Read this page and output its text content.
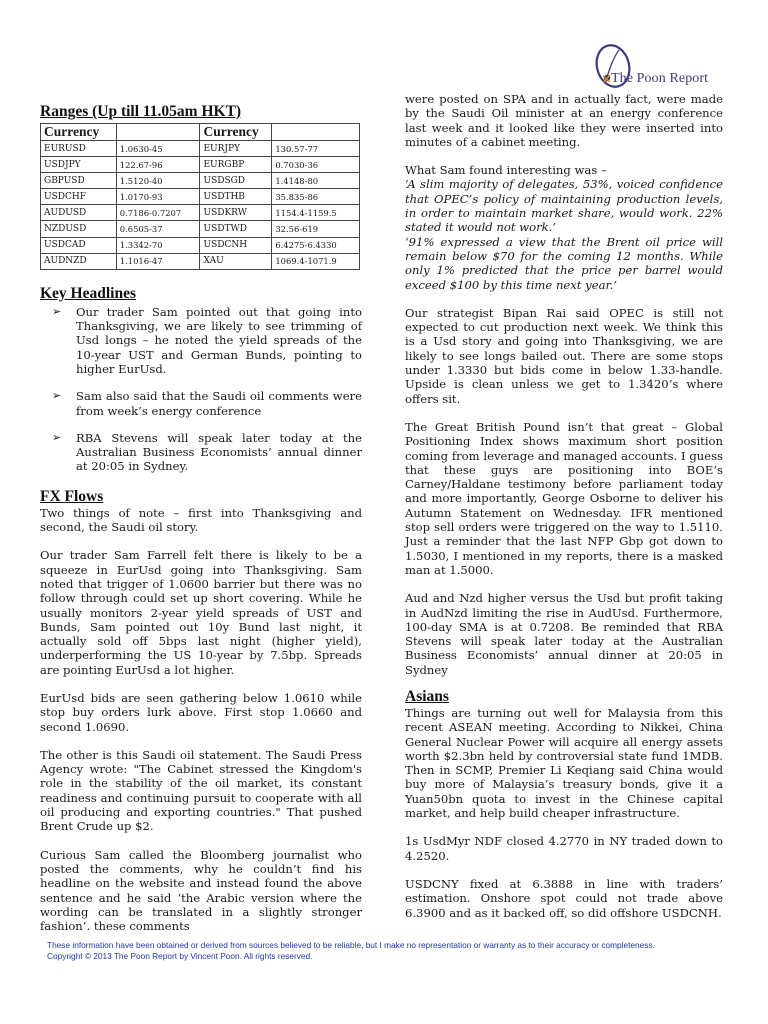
The Poon Report
Ranges (Up till 11.05am HKT)
Currency		Currency	
EURUSD	1.0630-45	EURJPY	130.57-77
USDJPY	122.67-96	EURGBP	0.7030-36
GBPUSD	1.5120-40	USDSGD	1.4148-80
USDCHF	1.0170-93	USDTHB	35.835-86
AUDUSD	0.7186-0.7207	USDKRW	1154.4-1159.5
NZDUSD	0.6505-37	USDTWD	32.56-619
USDCAD	1.3342-70	USDCNH	6.4275-6.4330
AUDNZD	1.1016-47	XAU	1069.4-1071.9
Key Headlines
➢ Our trader Sam pointed out that going into Thanksgiving, we are likely to see trimming of Usd longs – he noted the yield spreads of the 10-year UST and German Bunds, pointing to higher EurUsd.

➢ Sam also said that the Saudi oil comments were from week’s energy conference

➢ RBA Stevens will speak later today at the Australian Business Economists’ annual dinner at 20:05 in Sydney.

FX Flows

Two things of note – first into Thanksgiving and second, the Saudi oil story.

Our trader Sam Farrell felt there is likely to be a squeeze in EurUsd going into Thanksgiving. Sam noted that trigger of 1.0600 barrier but there was no follow through could set up short covering. While he usually monitors 2-year yield spreads of UST and Bunds, Sam pointed out 10y Bund last night, it actually sold off 5bps last night (higher yield), underperforming the US 10-year by 7.5bp. Spreads are pointing EurUsd a lot higher.

EurUsd bids are seen gathering below 1.0610 while stop buy orders lurk above. First stop 1.0660 and second 1.0690.

The other is this Saudi oil statement. The Saudi Press Agency wrote: "The Cabinet stressed the Kingdom's role in the stability of the oil market, its constant readiness and continuing pursuit to cooperate with all oil producing and exporting countries." That pushed Brent Crude up $2.

Curious Sam called the Bloomberg journalist who posted the comments, why he couldn’t find his headline on the website and instead found the above sentence and he said ‘the Arabic version where the wording can be translated in a slightly stronger fashion’. these comments

were posted on SPA and in actually fact, were made by the Saudi Oil minister at an energy conference last week and it looked like they were inserted into minutes of a cabinet meeting.

What Sam found interesting was –

‘A slim majority of delegates, 53%, voiced confidence that OPEC’s policy of maintaining production levels, in order to maintain market share, would work. 22% stated it would not work.’

‘91% expressed a view that the Brent oil price will remain below $70 for the coming 12 months. While only 1% predicted that the price per barrel would exceed $100 by this time next year.’

Our strategist Bipan Rai said OPEC is still not expected to cut production next week. We think this is a Usd story and going into Thanksgiving, we are likely to see longs bailed out. There are some stops under 1.3330 but bids come in below 1.33-handle. Upside is clean unless we get to 1.3420’s where offers sit.

The Great British Pound isn’t that great – Global Positioning Index shows maximum short position coming from leverage and managed accounts. I guess that these guys are positioning into BOE’s Carney/Haldane testimony before parliament today and more importantly, George Osborne to deliver his Autumn Statement on Wednesday. IFR mentioned stop sell orders were triggered on the way to 1.5110. Just a reminder that the last NFP Gbp got down to 1.5030, I mentioned in my reports, there is a masked man at 1.5000.

Aud and Nzd higher versus the Usd but profit taking in AudNzd limiting the rise in AudUsd. Furthermore, 100-day SMA is at 0.7208. Be reminded that RBA Stevens will speak later today at the Australian Business Economists’ annual dinner at 20:05 in Sydney

Asians

Things are turning out well for Malaysia from this recent ASEAN meeting. According to Nikkei, China General Nuclear Power will acquire all energy assets worth $2.3bn held by controversial state fund 1MDB. Then in SCMP, Premier Li Keqiang said China would buy more of Malaysia’s treasury bonds, give it a Yuan50bn quota to invest in the Chinese capital market, and help build cheaper infrastructure.

1s UsdMyr NDF closed 4.2770 in NY traded down to 4.2520.

USDCNY fixed at 6.3888 in line with traders’ estimation. Onshore spot could not trade above 6.3900 and as it backed off, so did offshore USDCNH.

These information have been obtained or derived from sources believed to be reliable, but I make no representation or warranty as to their accuracy or completeness.
Copyright © 2013 The Poon Report by Vincent Poon. All rights reserved.
